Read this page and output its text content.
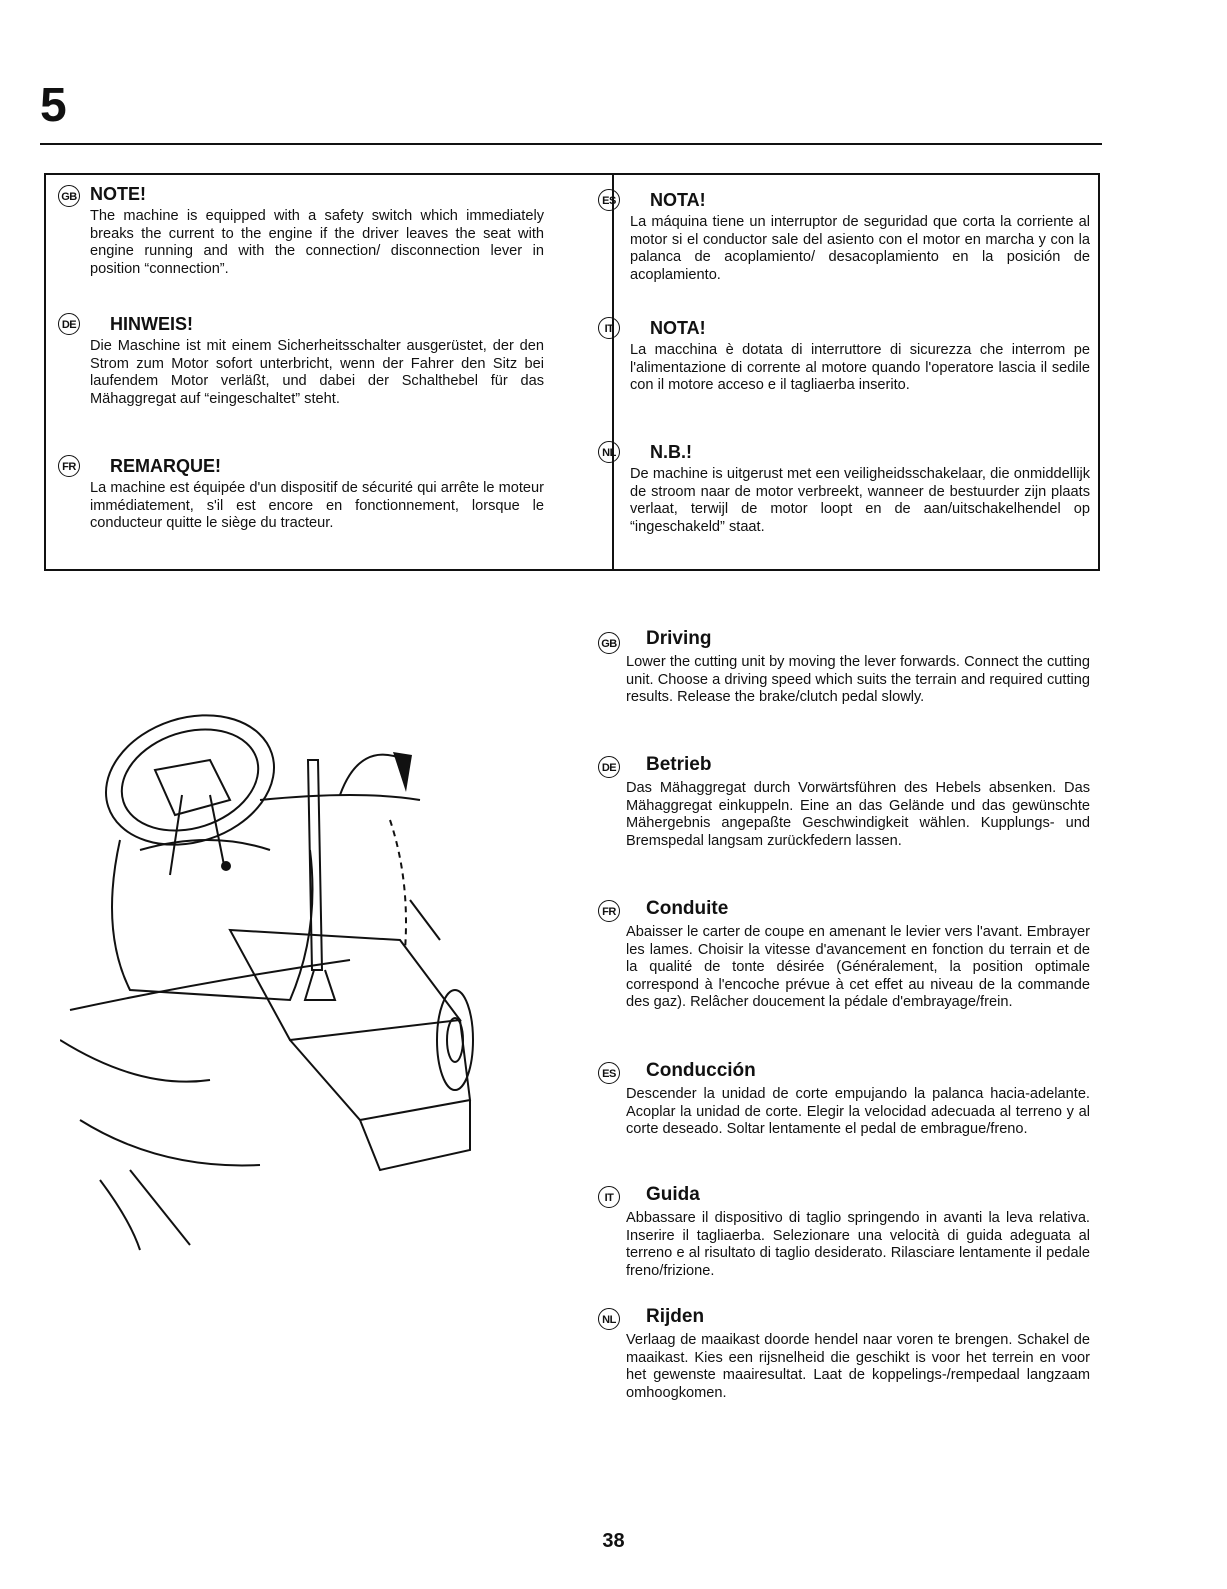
5
GB NOTE!
The machine is equipped with a safety switch which immediately breaks the current to the engine if the driver leaves the seat with engine running and with the connection/ disconnection lever in position “connection”.
DE HINWEIS!
Die Maschine ist mit einem Sicherheitsschalter ausgerüstet, der den Strom zum Motor sofort unterbricht, wenn der Fahrer den Sitz bei laufendem Motor verläßt, und dabei der Schalthebel für das Mähaggregat auf “eingeschaltet” steht.
FR REMARQUE!
La machine est équipée d'un dispositif de sécurité qui arrête le moteur immédiatement, s'il est encore en fonctionnement, lorsque le conducteur quitte le siège du tracteur.
ES NOTA!
La máquina tiene un interruptor de seguridad que corta la corriente al motor si el conductor sale del asiento con el motor en marcha y con la palanca de acoplamiento/ desacoplamiento en la posición de acoplamiento.
IT	NOTA!
La macchina è dotata di interruttore di sicurezza che interrom pe l'alimentazione di corrente al motore quando l'operatore lascia il sedile con il motore acceso e il tagliaerba inserito.
NL N.B.!
De machine is uitgerust met een veiligheidsschakelaar, die onmiddellijk de stroom naar de motor verbreekt, wanneer de bestuurder zijn plaats verlaat, terwijl de motor loopt en de aan/uitschakelhendel op “ingeschakeld” staat.
GB Driving
Lower the cutting unit by moving the lever forwards. Connect the cutting unit. Choose a driving speed which suits the terrain and required cutting results. Release the brake/clutch pedal slowly.
DE Betrieb
Das Mähaggregat durch Vorwärtsführen des Hebels absenken. Das Mähaggregat einkuppeln. Eine an das Gelände und das gewünschte Mähergebnis angepaßte Geschwindigkeit wählen. Kupplungs- und Bremspedal langsam zurückfedern lassen.
FR Conduite
Abaisser le carter de coupe en amenant le levier vers l'avant. Embrayer les lames. Choisir la vitesse d'avancement en fonction du terrain et de la qualité de tonte désirée (Généralement, la position optimale correspond à l'encoche prévue à cet effet au niveau de la commande des gaz). Relâcher doucement la pédale d'embrayage/frein.
ES Conducción
Descender la unidad de corte empujando la palanca hacia-adelante. Acoplar la unidad de corte. Elegir la velocidad adecuada al terreno y al corte deseado. Soltar lentamente el pedal de embrague/freno.
IT	Guida
Abbassare il dispositivo di taglio springendo in avanti la leva relativa. Inserire il tagliaerba. Selezionare una velocità di guida adeguata al terreno e al risultato di taglio desiderato. Rilasciare lentamente il pedale freno/frizione.
NL Rijden
Verlaag de maaikast doorde hendel naar voren te brengen. Schakel de maaikast. Kies een rijsnelheid die geschikt is voor het terrein en voor het gewenste maairesultat. Laat de koppelings-/rempedaal langzaam omhoogkomen.
38
